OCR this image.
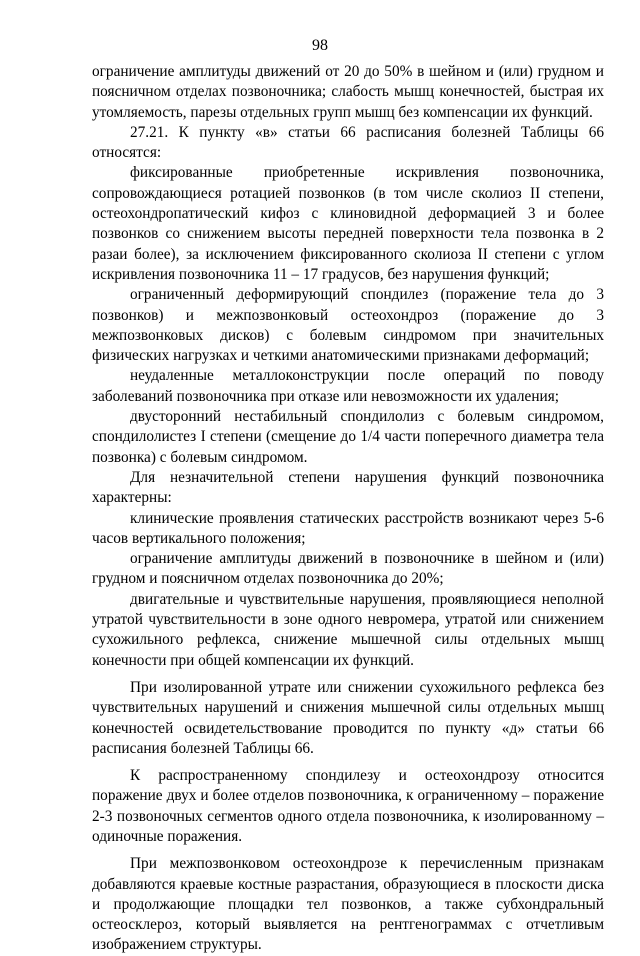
98

ограничение амплитуды движений от 20 до 50% в шейном и (или) грудном и поясничном отделах позвоночника; слабость мышц конечностей, быстрая их утомляемость, парезы отдельных групп мышц без компенсации их функций.

27.21. К пункту «в» статьи 66 расписания болезней Таблицы 66 относятся:

фиксированные приобретенные искривления позвоночника, сопровождающиеся ротацией позвонков (в том числе сколиоз II степени, остеохондропатический кифоз с клиновидной деформацией 3 и более позвонков со снижением высоты передней поверхности тела позвонка в 2 разаи более), за исключением фиксированного сколиоза II степени с углом искривления позвоночника 11 – 17 градусов, без нарушения функций;

ограниченный деформирующий спондилез (поражение тела до 3 позвонков) и межпозвонковый остеохондроз (поражение до 3 межпозвонковых дисков) с болевым синдромом при значительных физических нагрузках и четкими анатомическими признаками деформаций;

неудаленные металлоконструкции после операций по поводу заболеваний позвоночника при отказе или невозможности их удаления;

двусторонний нестабильный спондилолиз с болевым синдромом, спондилолистез I степени (смещение до 1/4 части поперечного диаметра тела позвонка) с болевым синдромом.

Для незначительной степени нарушения функций позвоночника характерны:

клинические проявления статических расстройств возникают через 5-6 часов вертикального положения;

ограничение амплитуды движений в позвоночнике в шейном и (или) грудном и поясничном отделах позвоночника до 20%;

двигательные и чувствительные нарушения, проявляющиеся неполной утратой чувствительности в зоне одного невромера, утратой или снижением сухожильного рефлекса, снижение мышечной силы отдельных мышц конечности при общей компенсации их функций.

При изолированной утрате или снижении сухожильного рефлекса без чувствительных нарушений и снижения мышечной силы отдельных мышц конечностей освидетельствование проводится по пункту «д» статьи 66 расписания болезней Таблицы 66.

К распространенному спондилезу и остеохондрозу относится поражение двух и более отделов позвоночника, к ограниченному – поражение 2-3 позвоночных сегментов одного отдела позвоночника, к изолированному – одиночные поражения.

При межпозвонковом остеохондрозе к перечисленным признакам добавляются краевые костные разрастания, образующиеся в плоскости диска и продолжающие площадки тел позвонков, а также субхондральный остеосклероз, который выявляется на рентгенограммах с отчетливым изображением структуры.
